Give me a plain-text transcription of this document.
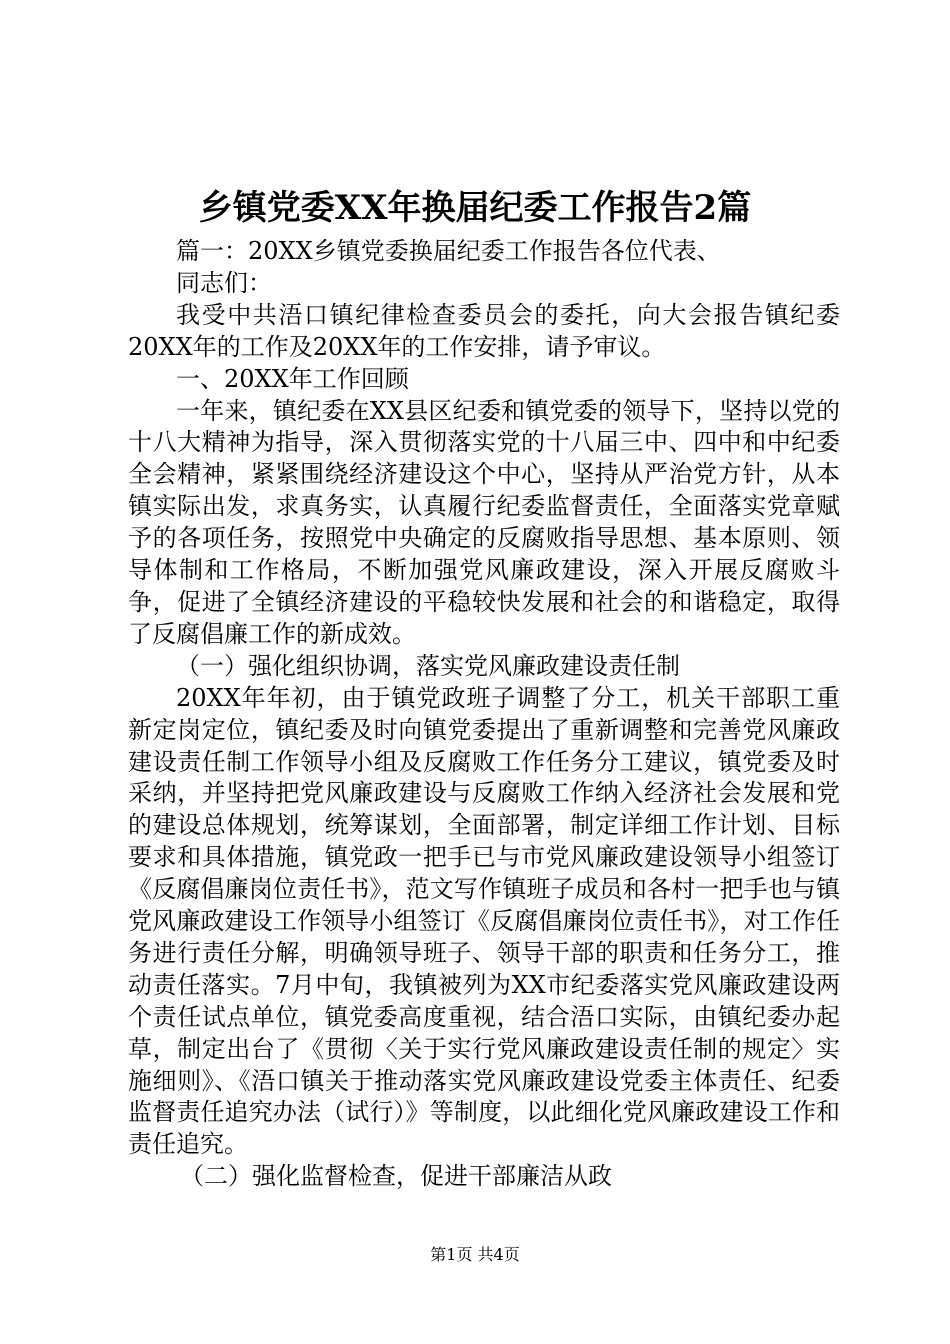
乡镇党委XX年换届纪委工作报告2篇

篇一：20XX乡镇党委换届纪委工作报告各位代表、

同志们：

我受中共浯口镇纪律检查委员会的委托，向大会报告镇纪委20XX年的工作及20XX年的工作安排，请予审议。

一、20XX年工作回顾

一年来，镇纪委在XX县区纪委和镇党委的领导下，坚持以党的十八大精神为指导，深入贯彻落实党的十八届三中、四中和中纪委全会精神，紧紧围绕经济建设这个中心，坚持从严治党方针，从本镇实际出发，求真务实，认真履行纪委监督责任，全面落实党章赋予的各项任务，按照党中央确定的反腐败指导思想、基本原则、领导体制和工作格局，不断加强党风廉政建设，深入开展反腐败斗争，促进了全镇经济建设的平稳较快发展和社会的和谐稳定，取得了反腐倡廉工作的新成效。

（一）强化组织协调，落实党风廉政建设责任制

20XX年年初，由于镇党政班子调整了分工，机关干部职工重新定岗定位，镇纪委及时向镇党委提出了重新调整和完善党风廉政建设责任制工作领导小组及反腐败工作任务分工建议，镇党委及时采纳，并坚持把党风廉政建设与反腐败工作纳入经济社会发展和党的建设总体规划，统筹谋划，全面部署，制定详细工作计划、目标要求和具体措施，镇党政一把手已与市党风廉政建设领导小组签订《反腐倡廉岗位责任书》，范文写作镇班子成员和各村一把手也与镇党风廉政建设工作领导小组签订《反腐倡廉岗位责任书》，对工作任务进行责任分解，明确领导班子、领导干部的职责和任务分工，推动责任落实。7月中旬，我镇被列为XX市纪委落实党风廉政建设两个责任试点单位，镇党委高度重视，结合浯口实际，由镇纪委办起草，制定出台了《贯彻〈关于实行党风廉政建设责任制的规定〉实施细则》、《浯口镇关于推动落实党风廉政建设党委主体责任、纪委监督责任追究办法（试行）》等制度，以此细化党风廉政建设工作和责任追究。

（二）强化监督检查，促进干部廉洁从政

第1页 共4页
